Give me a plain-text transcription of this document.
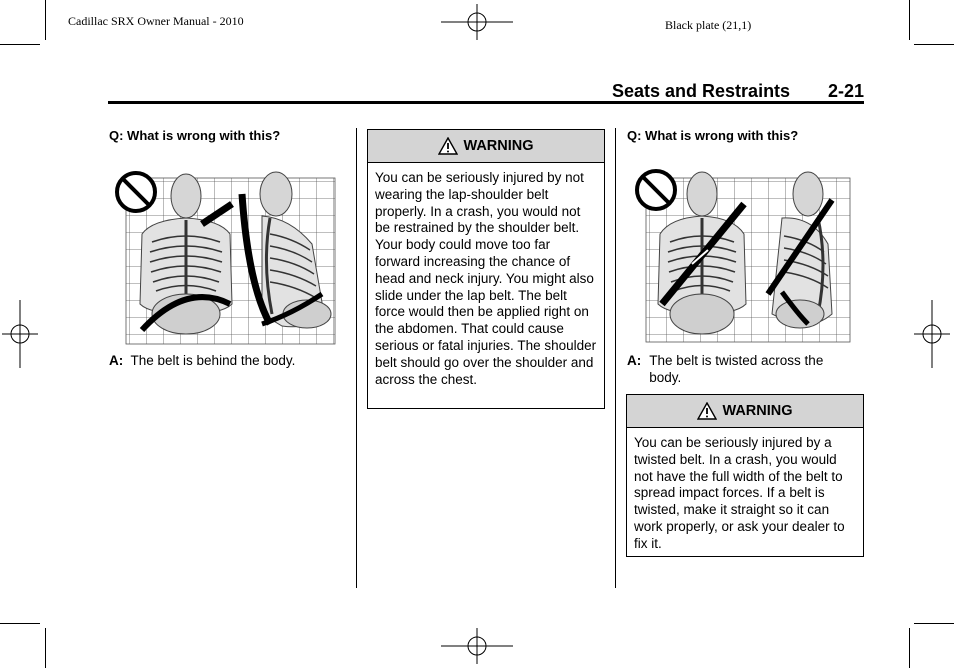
Cadillac SRX Owner Manual - 2010	Black plate (21,1)
Seats and Restraints 2-21
Q: What is wrong with this?
A: The belt is behind the body.
WARNING
You can be seriously injured by not wearing the lap-shoulder belt properly. In a crash, you would not be restrained by the shoulder belt. Your body could move too far forward increasing the chance of head and neck injury. You might also slide under the lap belt. The belt force would then be applied right on the abdomen. That could cause serious or fatal injuries. The shoulder belt should go over the shoulder and across the chest.
Q: What is wrong with this?
A: The belt is twisted across the body.
WARNING
You can be seriously injured by a twisted belt. In a crash, you would not have the full width of the belt to spread impact forces. If a belt is twisted, make it straight so it can work properly, or ask your dealer to fix it.
